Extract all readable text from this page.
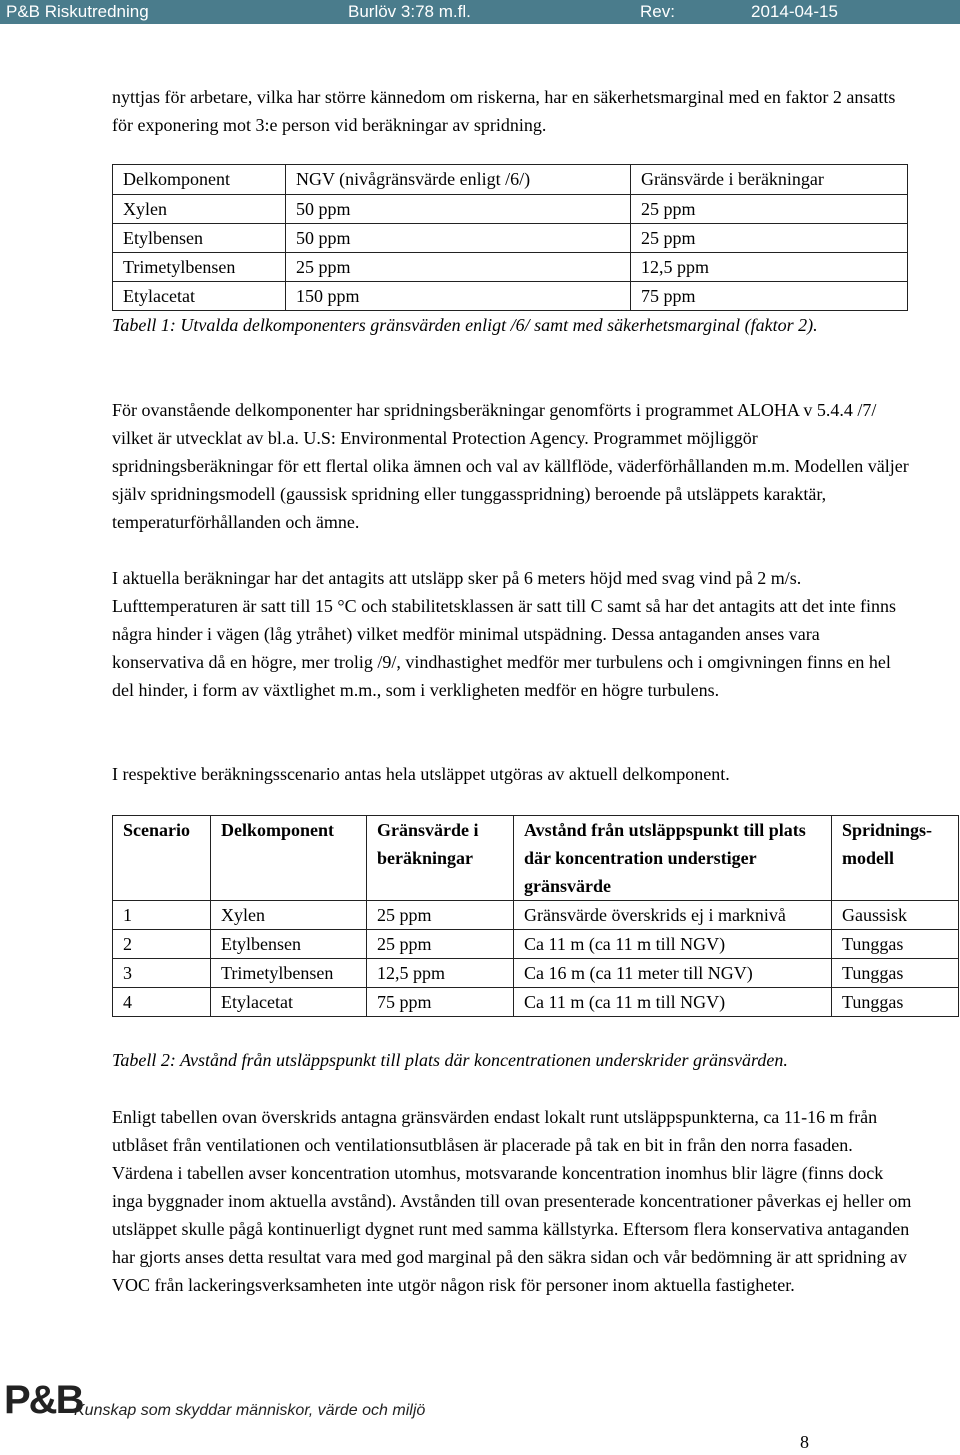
P&B Riskutredning	Burlöv 3:78 m.fl.	Rev:	2014-04-15

nyttjas för arbetare, vilka har större kännedom om riskerna, har en säkerhetsmarginal med en faktor 2 ansatts för exponering mot 3:e person vid beräkningar av spridning.

Delkomponent	NGV (nivågränsvärde enligt /6/)	Gränsvärde i beräkningar
Xylen	50 ppm	25 ppm
Etylbensen	50 ppm	25 ppm
Trimetylbensen	25 ppm	12,5 ppm
Etylacetat	150 ppm	75 ppm

Tabell 1: Utvalda delkomponenters gränsvärden enligt /6/ samt med säkerhetsmarginal (faktor 2).

För ovanstående delkomponenter har spridningsberäkningar genomförts i programmet ALOHA v 5.4.4 /7/ vilket är utvecklat av bl.a. U.S: Environmental Protection Agency. Programmet möjliggör spridningsberäkningar för ett flertal olika ämnen och val av källflöde, väderförhållanden m.m. Modellen väljer själv spridningsmodell (gaussisk spridning eller tunggasspridning) beroende på utsläppets karaktär, temperaturförhållanden och ämne.

I aktuella beräkningar har det antagits att utsläpp sker på 6 meters höjd med svag vind på 2 m/s. Lufttemperaturen är satt till 15 °C och stabilitetsklassen är satt till C samt så har det antagits att det inte finns några hinder i vägen (låg ytråhet) vilket medför minimal utspädning. Dessa antaganden anses vara konservativa då en högre, mer trolig /9/, vindhastighet medför mer turbulens och i omgivningen finns en hel del hinder, i form av växtlighet m.m., som i verkligheten medför en högre turbulens.

I respektive beräkningsscenario antas hela utsläppet utgöras av aktuell delkomponent.

Scenario	Delkomponent	Gränsvärde i beräkningar	Avstånd från utsläppspunkt till plats där koncentration understiger gränsvärde	Spridnings-modell
1	Xylen	25 ppm	Gränsvärde överskrids ej i marknivå	Gaussisk
2	Etylbensen	25 ppm	Ca 11 m (ca 11 m till NGV)	Tunggas
3	Trimetylbensen	12,5 ppm	Ca 16 m (ca 11 meter till NGV)	Tunggas
4	Etylacetat	75 ppm	Ca 11 m (ca 11 m till NGV)	Tunggas

Tabell 2: Avstånd från utsläppspunkt till plats där koncentrationen underskrider gränsvärden.

Enligt tabellen ovan överskrids antagna gränsvärden endast lokalt runt utsläppspunkterna, ca 11-16 m från utblåset från ventilationen och ventilationsutblåsen är placerade på tak en bit in från den norra fasaden. Värdena i tabellen avser koncentration utomhus, motsvarande koncentration inomhus blir lägre (finns dock inga byggnader inom aktuella avstånd). Avstånden till ovan presenterade koncentrationer påverkas ej heller om utsläppet skulle pågå kontinuerligt dygnet runt med samma källstyrka. Eftersom flera konservativa antaganden har gjorts anses detta resultat vara med god marginal på den säkra sidan och vår bedömning är att spridning av VOC från lackeringsverksamheten inte utgör någon risk för personer inom aktuella fastigheter.

P&B
Kunskap som skyddar människor, värde och miljö
8
